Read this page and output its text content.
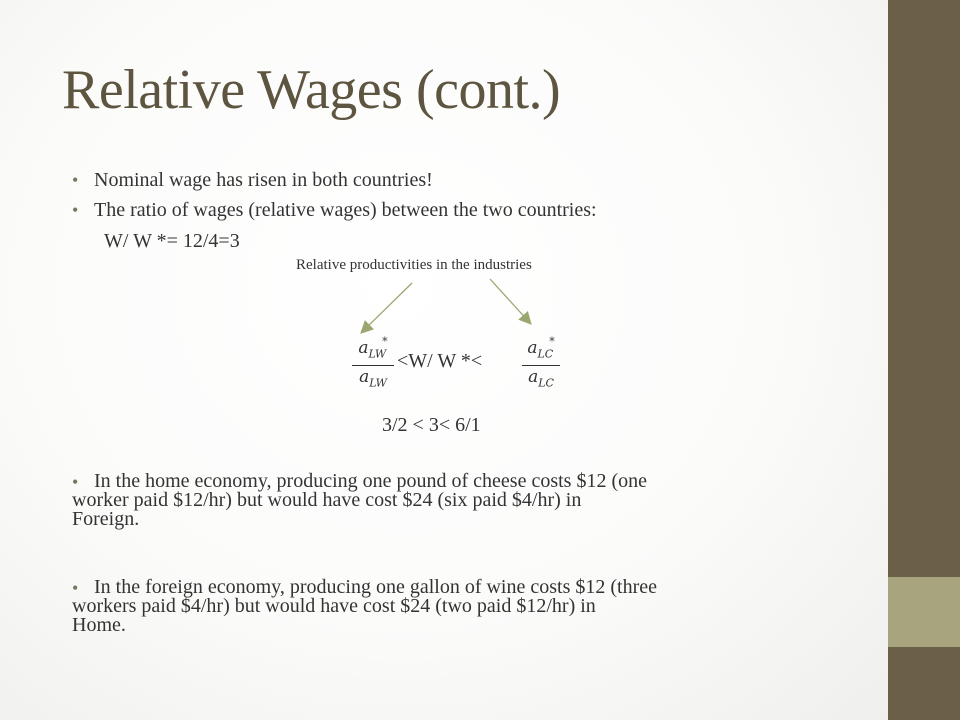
Relative Wages (cont.)
• Nominal wage has risen in both countries!
• The ratio of wages (relative wages) between the two countries:
W/ W *= 12/4=3
Relative productivities in the industries
$a_{LW}^*$
$a_{LW}$
<W/ W *<
$a_{LC}^*$
$a_{LC}$
3/2 < 3< 6/1
• In the home economy, producing one pound of cheese costs $12 (one
worker paid $12/hr) but would have cost $24 (six paid $4/hr) in
Foreign.
• In the foreign economy, producing one gallon of wine costs $12 (three
workers paid $4/hr) but would have cost $24 (two paid $12/hr) in
Home.
